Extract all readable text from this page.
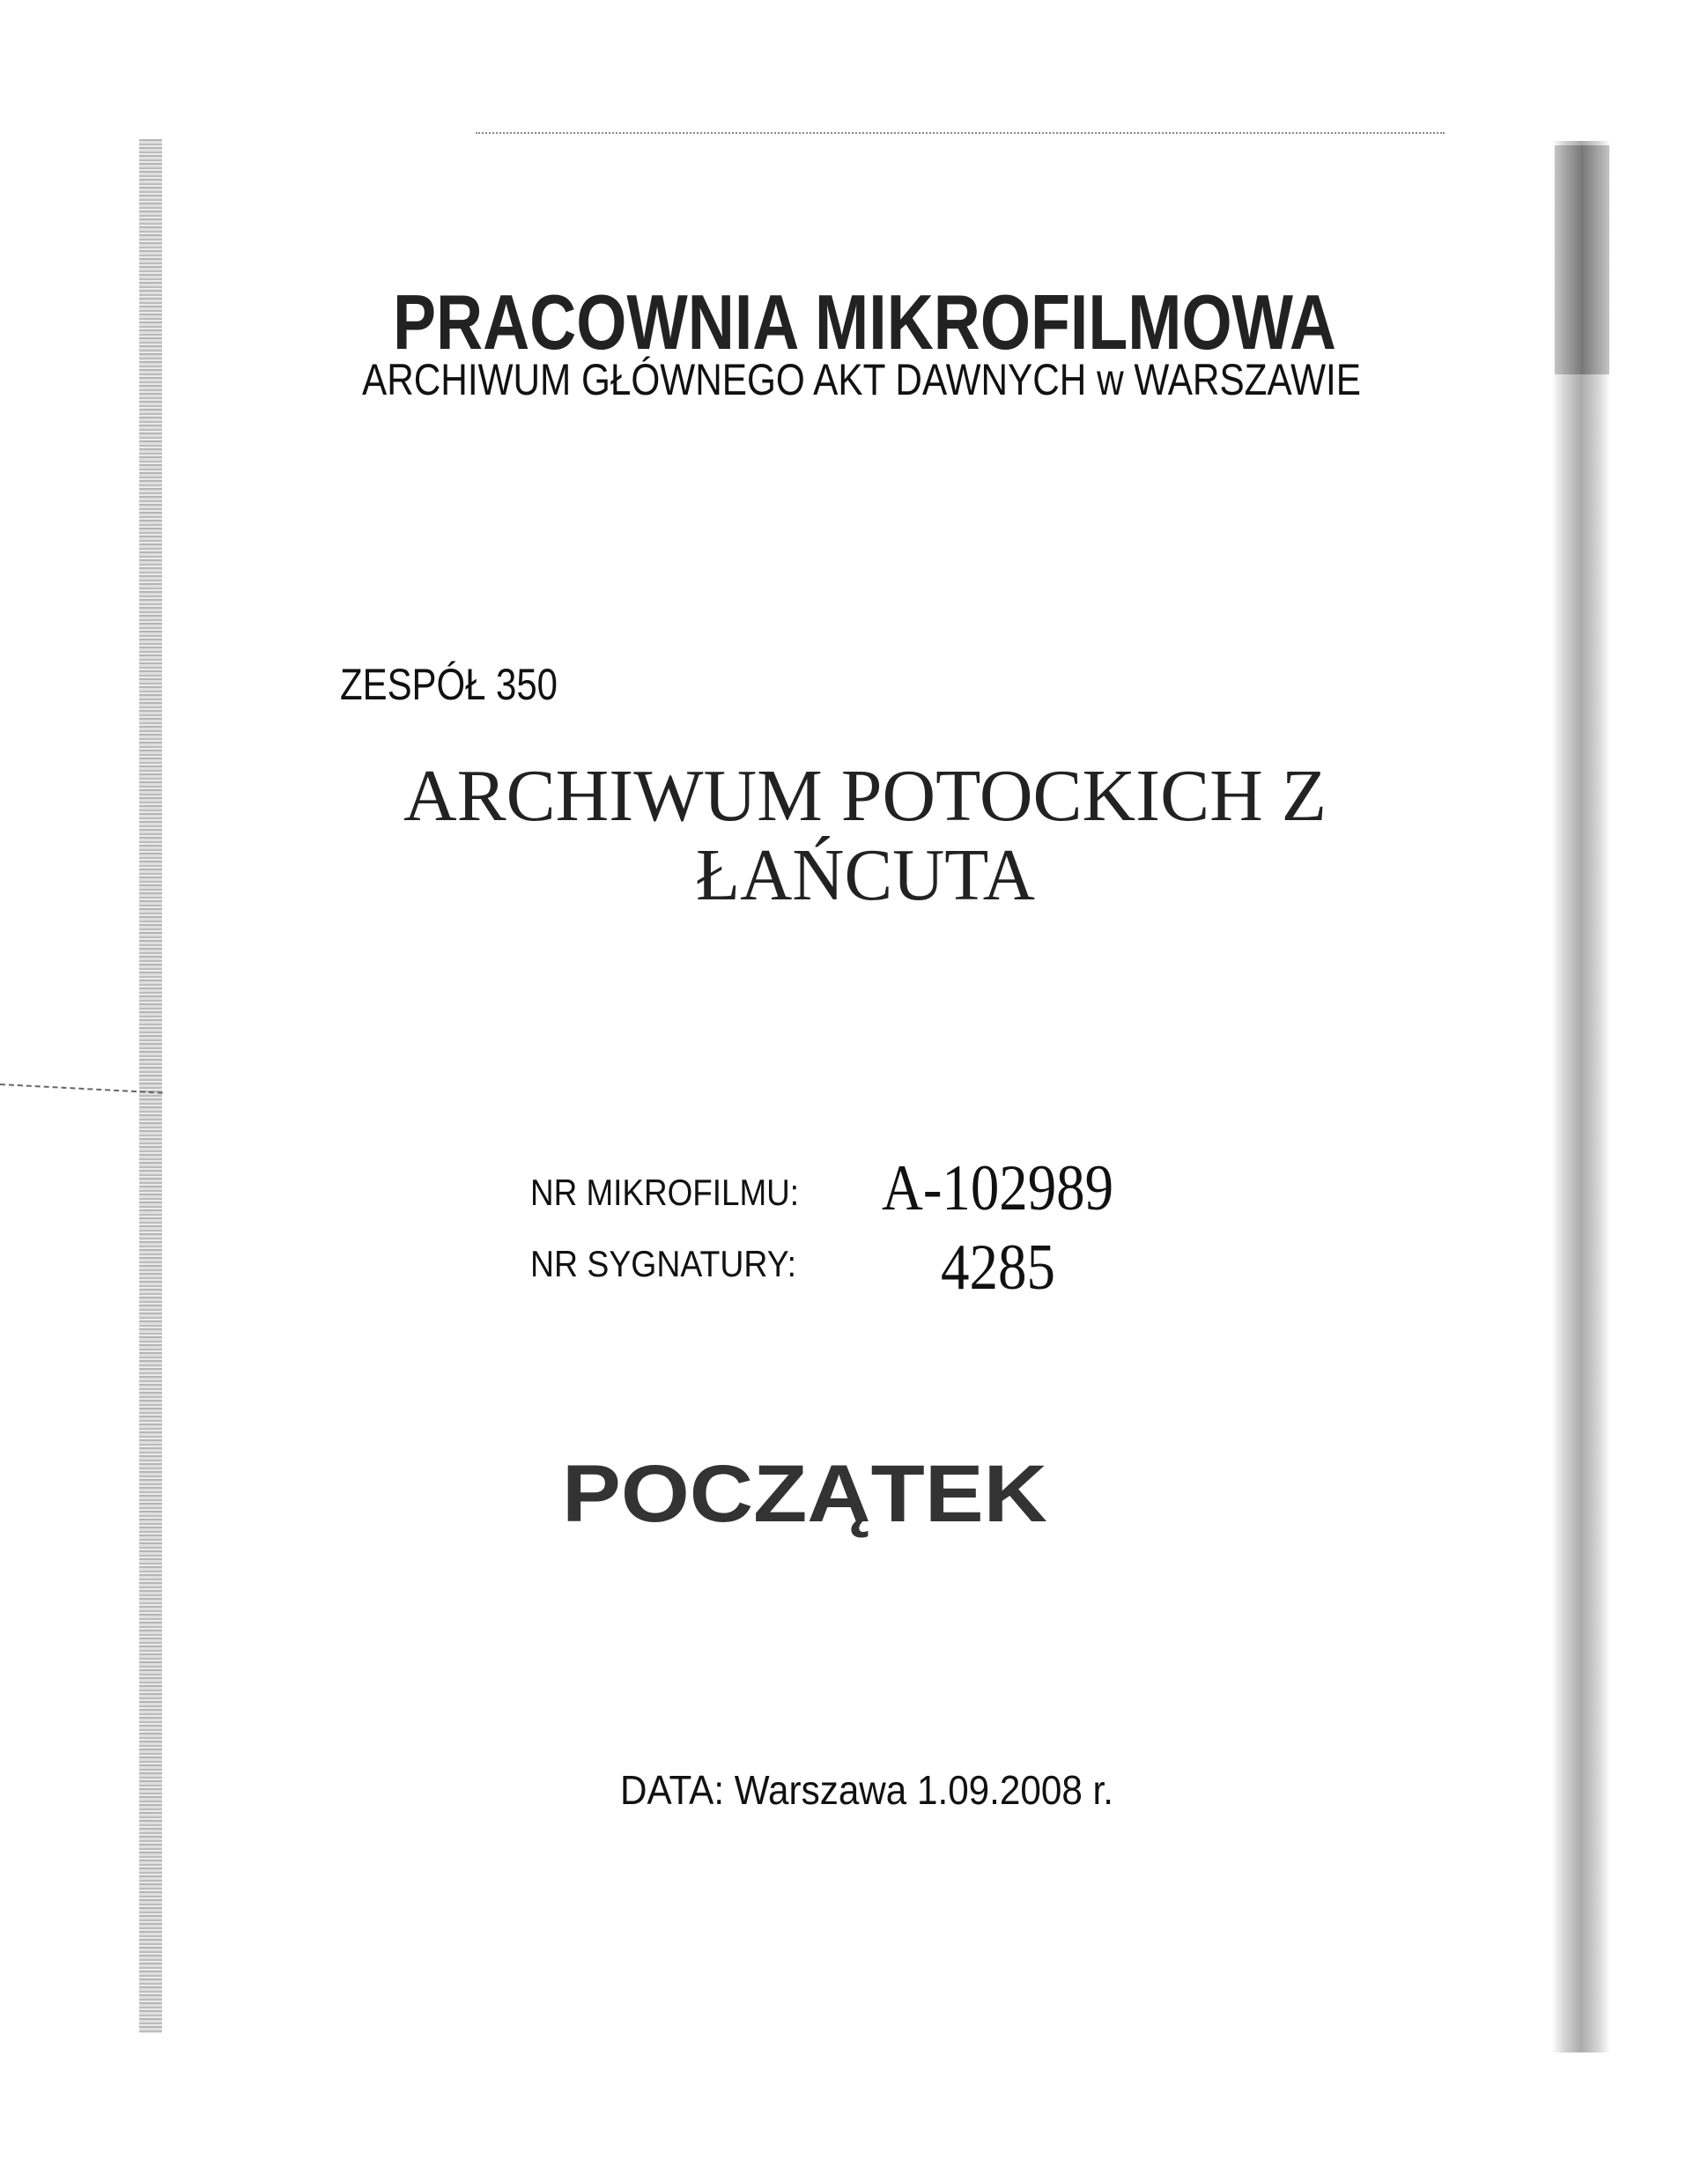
PRACOWNIA MIKROFILMOWA
ARCHIWUM GŁÓWNEGO AKT DAWNYCH w WARSZAWIE
ZESPÓŁ 350
ARCHIWUM POTOCKICH Z
ŁAŃCUTA
NR MIKROFILMU:	A-102989
NR SYGNATURY:	4285
POCZĄTEK
DATA: Warszawa 1.09.2008 r.
